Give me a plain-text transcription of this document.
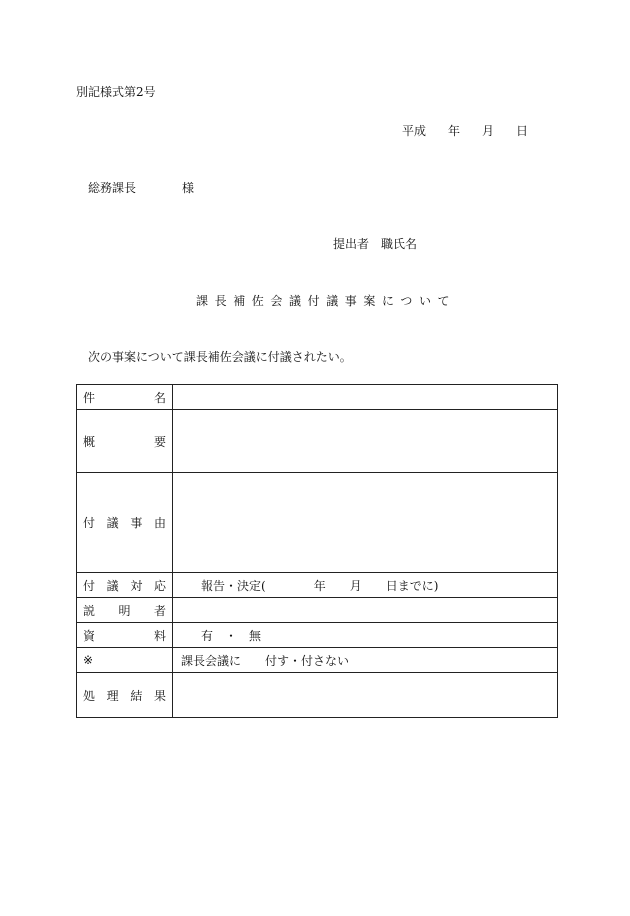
別記様式第2号
平成 年 月 日
総務課長	様
提出者 職氏名
課長補佐会議付議事案について
次の事案について課長補佐会議に付議されたい。
件 名	

概 要	

付 議 事 由	

付 議 対 応	報告・決定( 年 月 日までに)

説 明 者	

資 料	有 ・ 無

※	課長会議に 付す・付さない

処 理 結 果	
